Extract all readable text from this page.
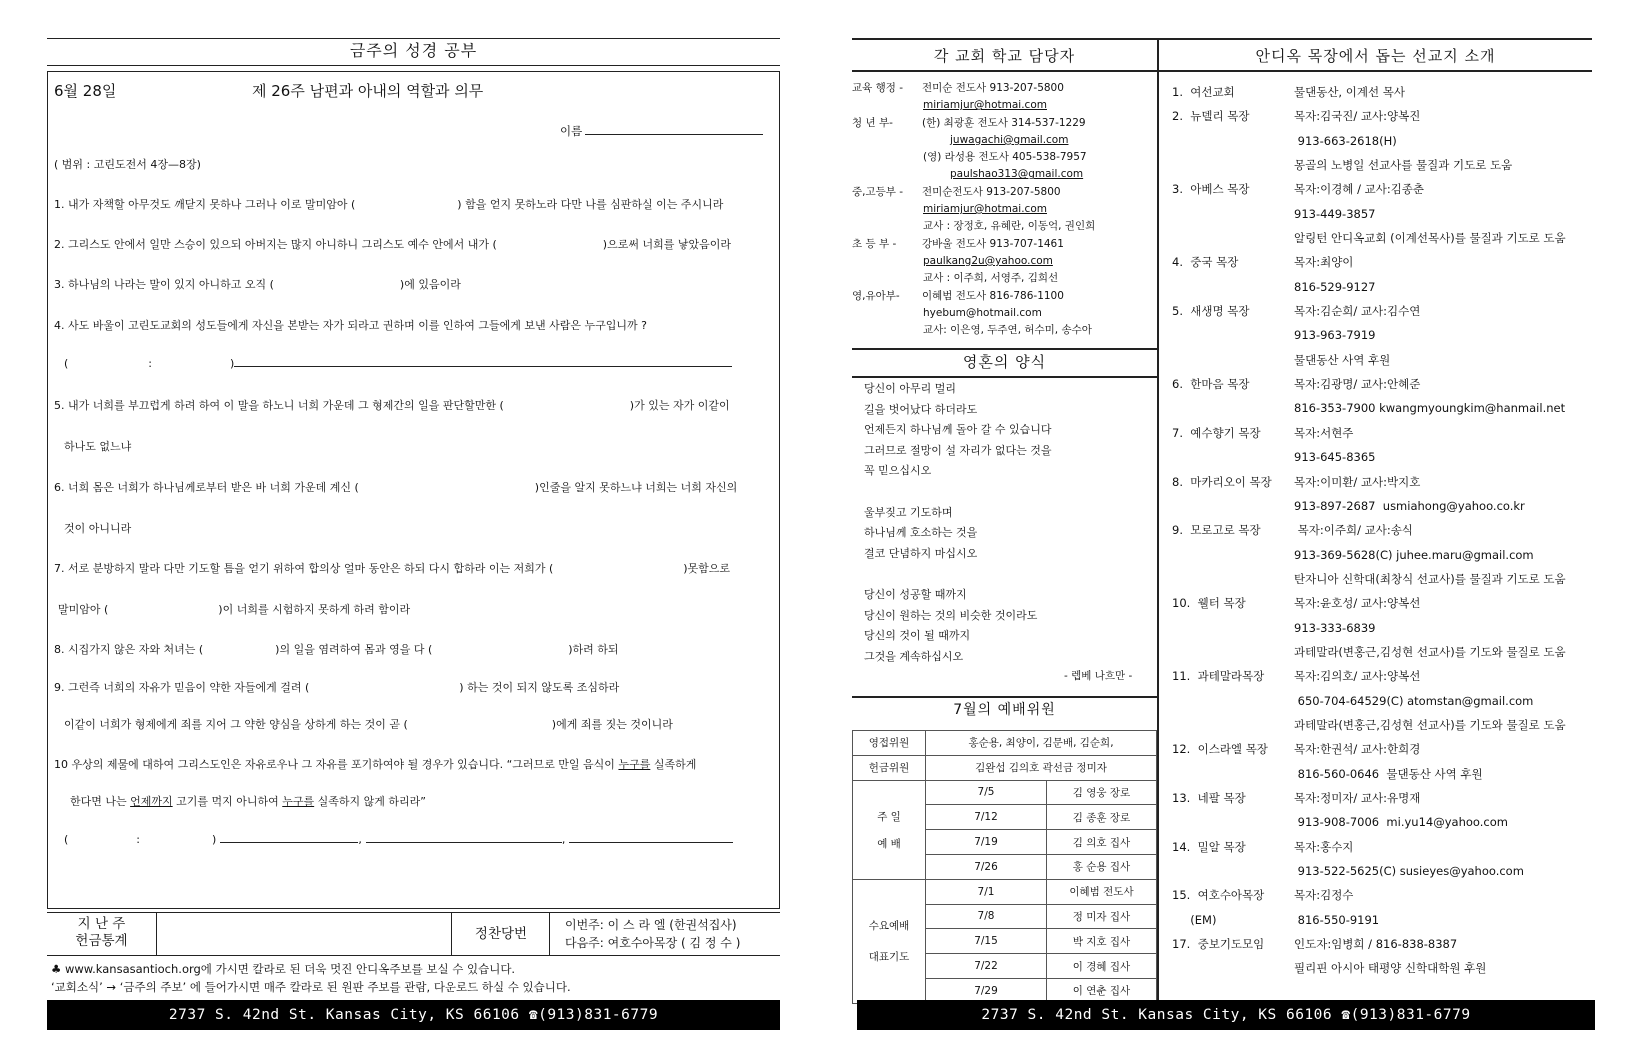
금주의 성경 공부
6월 28일	제 26주 남편과 아내의 역할과 의무
이름
( 범위 : 고린도전서 4장—8장)
1. 내가 자책할 아무것도 깨닫지 못하나 그러나 이로 말미암아 (	) 함을 얻지 못하노라 다만 나를 심판하실 이는 주시니라
2. 그리스도 안에서 일만 스승이 있으되 아버지는 많지 아니하니 그리스도 예수 안에서 내가 (	)으로써 너희를 낳았음이라
3. 하나님의 나라는 말이 있지 아니하고 오직 (	)에 있음이라
4. 사도 바울이 고린도교회의 성도들에게 자신을 본받는 자가 되라고 권하며 이를 인하여 그들에게 보낸 사람은 누구입니까 ?
(	:	)
5. 내가 너희를 부끄럽게 하려 하여 이 말을 하노니 너희 가운데 그 형제간의 일을 판단할만한 (	)가 있는 자가 이같이
하나도 없느냐
6. 너희 몸은 너희가 하나님께로부터 받은 바 너희 가운데 계신 (	)인줄을 알지 못하느냐 너희는 너희 자신의
것이 아니니라
7. 서로 분방하지 말라 다만 기도할 틈을 얻기 위하여 합의상 얼마 동안은 하되 다시 합하라 이는 저희가 (	)못함으로
말미암아 (	)이 너희를 시험하지 못하게 하려 함이라
8. 시집가지 않은 자와 처녀는 (	)의 일을 염려하여 몸과 영을 다 (	)하려 하되
9. 그런즉 너희의 자유가 믿음이 약한 자들에게 걸려 (	) 하는 것이 되지 않도록 조심하라
이같이 너희가 형제에게 죄를 지어 그 약한 양심을 상하게 하는 것이 곧 (	)에게 죄를 짓는 것이니라
10 우상의 제물에 대하여 그리스도인은 자유로우나 그 자유를 포기하여야 될 경우가 있습니다. “그러므로 만일 음식이 누구를 실족하게
한다면 나는 언제까지 고기를 먹지 아니하여 누구를 실족하지 않게 하리라”
(	:	)	,	,
지 난 주
헌금통계	정찬당번
이번주: 이 스 라 엘 (한권석집사)
다음주: 여호수아목장 ( 김 정 수 )
♣ www.kansasantioch.org에 가시면 칼라로 된 더욱 멋진 안디옥주보를 보실 수 있습니다.
‘교회소식’ → ‘금주의 주보’ 에 들어가시면 매주 칼라로 된 원판 주보를 관람, 다운로드 하실 수 있습니다.
2737 S. 42nd St. Kansas City, KS 66106 ☎(913)831-6779
각 교회 학교 담당자	안디옥 목장에서 돕는 선교지 소개
교육 행정 - 전미순 전도사 913-207-5800
miriamjur@hotmai.com
청 년 부-	(한) 최광훈 전도사 314-537-1229
juwagachi@gmail.com
(영) 라성용 전도사 405-538-7957
paulshao313@gmail.com
중,고등부 - 전미순전도사 913-207-5800
miriamjur@hotmai.com
교사 : 장정호, 유혜란, 이동억, 권인희
초 등 부 - 강바울 전도사 913-707-1461
paulkang2u@yahoo.com
교사 : 이주희, 서영주, 김희선
영,유아부-이혜범 전도사 816-786-1100
hyebum@hotmail.com
교사: 이은영, 두주연, 허수미, 송수아
영혼의 양식
당신이 아무리 멀리
길을 벗어났다 하더라도
언제든지 하나님께 돌아 갈 수 있습니다
그러므로 절망이 설 자리가 없다는 것을
꼭 믿으십시오
울부짖고 기도하며
하나님께 호소하는 것을
결코 단념하지 마십시오
당신이 성공할 때까지
당신이 원하는 것의 비슷한 것이라도
당신의 것이 될 때까지
그것을 계속하십시오
- 렙베 나흐만 -
7월의 예배위원
영접위원	홍순용, 최양이, 김문배, 김순희,	
헌금위원	김완섭 김의호 곽선금 정미자	

주 일
예 배	7/5	김 영웅 장로
	7/12	김 종훈 장로
	7/19	김 의호 집사
	7/26	홍 순용 집사

수요예배
대표기도	7/1	이혜범 전도사
	7/8	정 미자 집사
	7/15	박 지호 집사
	7/22	이 경혜 집사
	7/29	이 연춘 집사
1.  여선교회	물댄동산, 이계선 목사
2.  뉴델리 목장	목자:김국진/ 교사:양복진
913-663-2618(H)
몽골의 노병일 선교사를 물질과 기도로 도움
3.  아베스 목장	목자:이경혜 / 교사:김종춘
913-449-3857
알링턴 안디옥교회 (이계선목사)를 물질과 기도로 도움
4.  중국 목장	목자:최양이
816-529-9127
5.  새생명 목장	목자:김순희/ 교사:김수연
913-963-7919
물댄동산 사역 후원
6.  한마음 목장	목자:김광명/ 교사:안혜준
816-353-7900 kwangmyoungkim@hanmail.net
7.  예수향기 목장	목자:서현주
913-645-8365
8.  마카리오이 목장 목자:이미환/ 교사:박지호
913-897-2687  usmiahong@yahoo.co.kr
9.  모로고로 목장	목자:이주희/ 교사:송식
913-369-5628(C) juhee.maru@gmail.com
탄자니아 신학대(최창식 선교사)를 물질과 기도로 도움
10.  웰터 목장	목자:윤호성/ 교사:양복선
913-333-6839
과테말라(변홍근,김성현 선교사)를 기도와 물질로 도움
11.  과테말라목장	목자:김의호/ 교사:양복선
650-704-64529(C) atomstan@gmail.com
과테말라(변홍근,김성현 선교사)를 기도와 물질로 도움
12.  이스라엘 목장 목자:한권석/ 교사:한희경
816-560-0646  물댄동산 사역 후원
13.  네팔 목장	목자:정미자/ 교사:유명재
913-908-7006  mi.yu14@yahoo.com
14.  밀알 목장	목자:홍수지
913-522-5625(C) susieyes@yahoo.com
15.  여호수아목장	목자:김정수
(EM)	816-550-9191
17.  중보기도모임	인도자:임병희 / 816-838-8387
필리핀 아시아 태평양 신학대학원 후원
2737 S. 42nd St. Kansas City, KS 66106 ☎(913)831-6779
